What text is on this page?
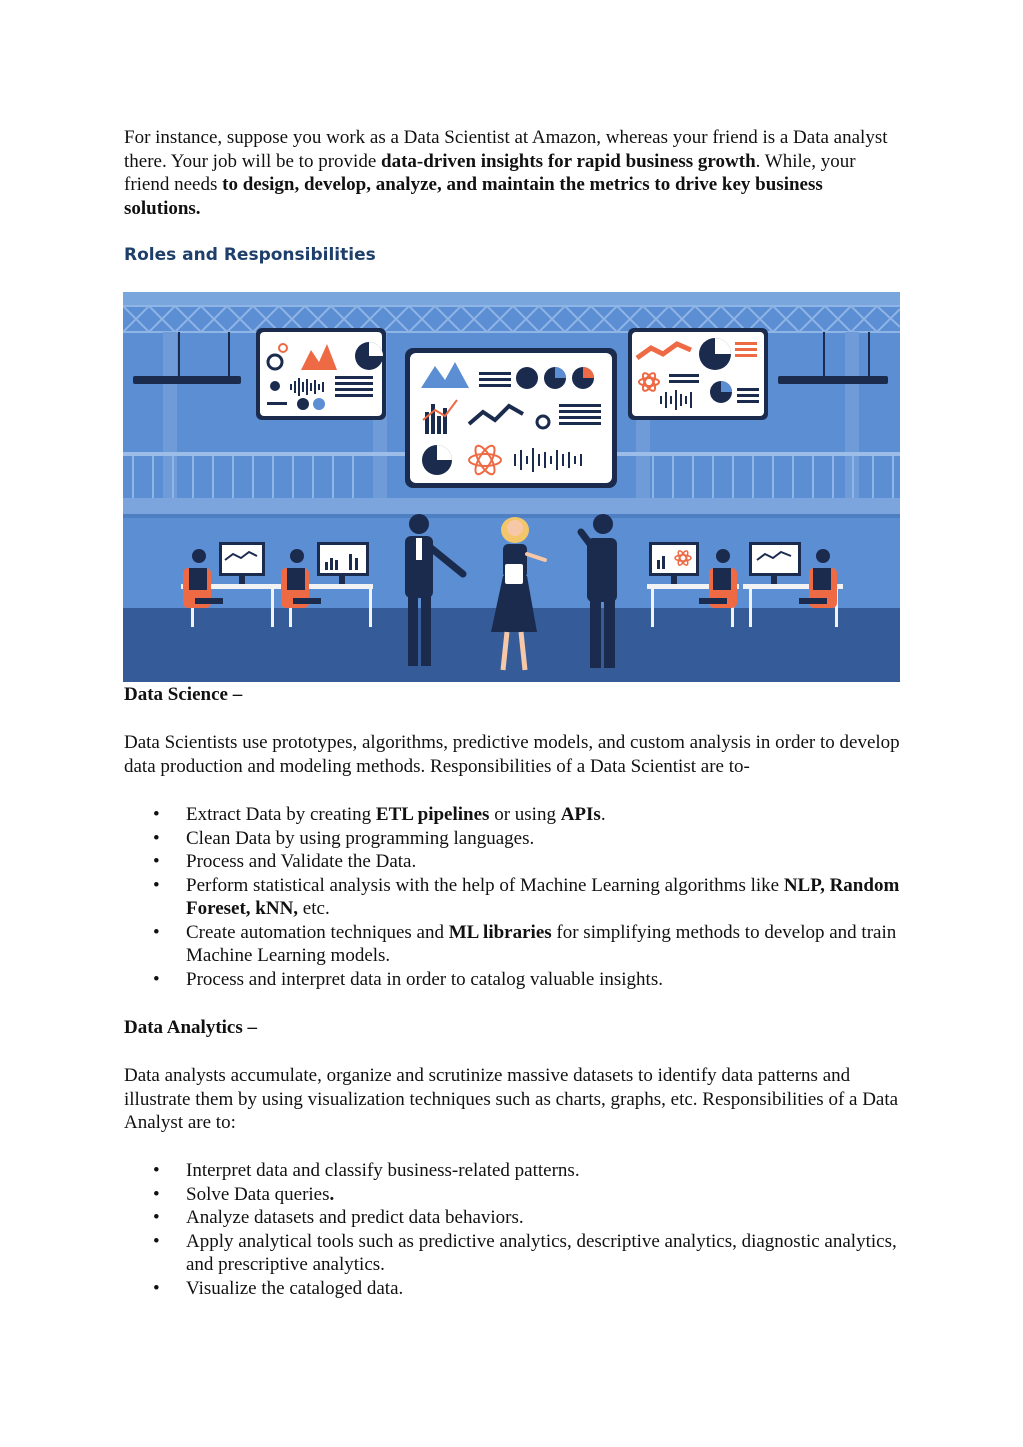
For instance, suppose you work as a Data Scientist at Amazon, whereas your friend is a Data analyst there. Your job will be to provide data-driven insights for rapid business growth. While, your friend needs to design, develop, analyze, and maintain the metrics to drive key business solutions.

Roles and Responsibilities

Data Science –

Data Scientists use prototypes, algorithms, predictive models, and custom analysis in order to develop data production and modeling methods. Responsibilities of a Data Scientist are to-

• Extract Data by creating ETL pipelines or using APIs.
• Clean Data by using programming languages.
• Process and Validate the Data.
• Perform statistical analysis with the help of Machine Learning algorithms like NLP, Random Foreset, kNN, etc.
• Create automation techniques and ML libraries for simplifying methods to develop and train Machine Learning models.
• Process and interpret data in order to catalog valuable insights.

Data Analytics –

Data analysts accumulate, organize and scrutinize massive datasets to identify data patterns and illustrate them by using visualization techniques such as charts, graphs, etc. Responsibilities of a Data Analyst are to:

• Interpret data and classify business-related patterns.
• Solve Data queries.
• Analyze datasets and predict data behaviors.
• Apply analytical tools such as predictive analytics, descriptive analytics, diagnostic analytics, and prescriptive analytics.
• Visualize the cataloged data.
